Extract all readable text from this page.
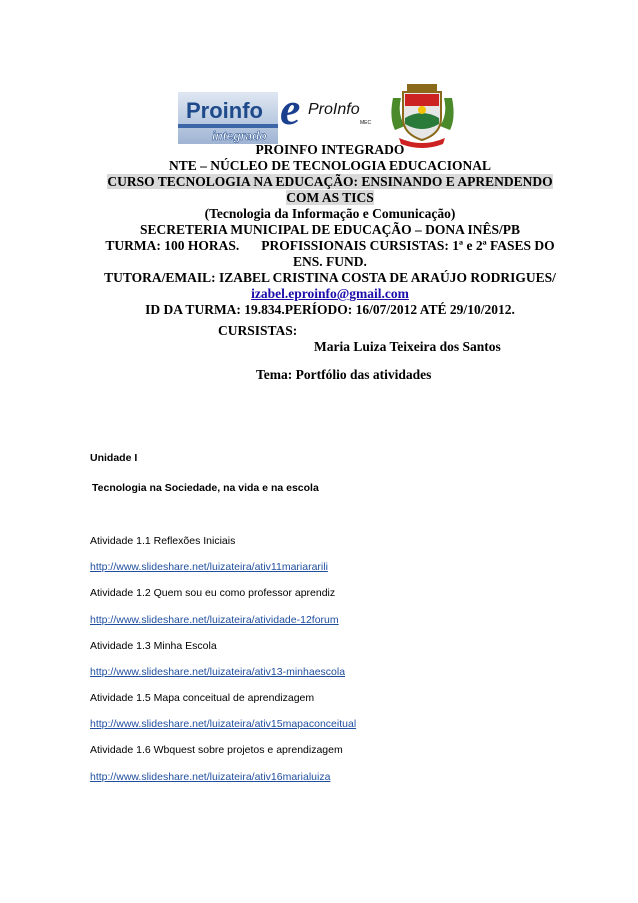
Proinfo
integrado
e ProInfo
MEC
PROINFO INTEGRADO
NTE – NÚCLEO DE TECNOLOGIA EDUCACIONAL
CURSO TECNOLOGIA NA EDUCAÇÃO: ENSINANDO E APRENDENDO
COM AS TICS
(Tecnologia da Informação e Comunicação)
SECRETERIA MUNICIPAL DE EDUCAÇÃO – DONA INÊS/PB
TURMA: 100 HORAS. PROFISSIONAIS CURSISTAS: 1ª e 2ª FASES DO
ENS. FUND.
TUTORA/EMAIL: IZABEL CRISTINA COSTA DE ARAÚJO RODRIGUES/
izabel.eproinfo@gmail.com
ID DA TURMA: 19.834.PERÍODO: 16/07/2012 ATÉ 29/10/2012.
CURSISTAS:
Maria Luiza Teixeira dos Santos
Tema: Portfólio das atividades
Unidade I
Tecnologia na Sociedade, na vida e na escola
Atividade 1.1 Reflexões Iniciais
http://www.slideshare.net/luizateira/ativ11mariararili
Atividade 1.2 Quem sou eu como professor aprendiz
http://www.slideshare.net/luizateira/atividade-12forum
Atividade 1.3 Minha Escola
http://www.slideshare.net/luizateira/ativ13-minhaescola
Atividade 1.5 Mapa conceitual de aprendizagem
http://www.slideshare.net/luizateira/ativ15mapaconceitual
Atividade 1.6 Wbquest sobre projetos e aprendizagem
http://www.slideshare.net/luizateira/ativ16marialuiza
